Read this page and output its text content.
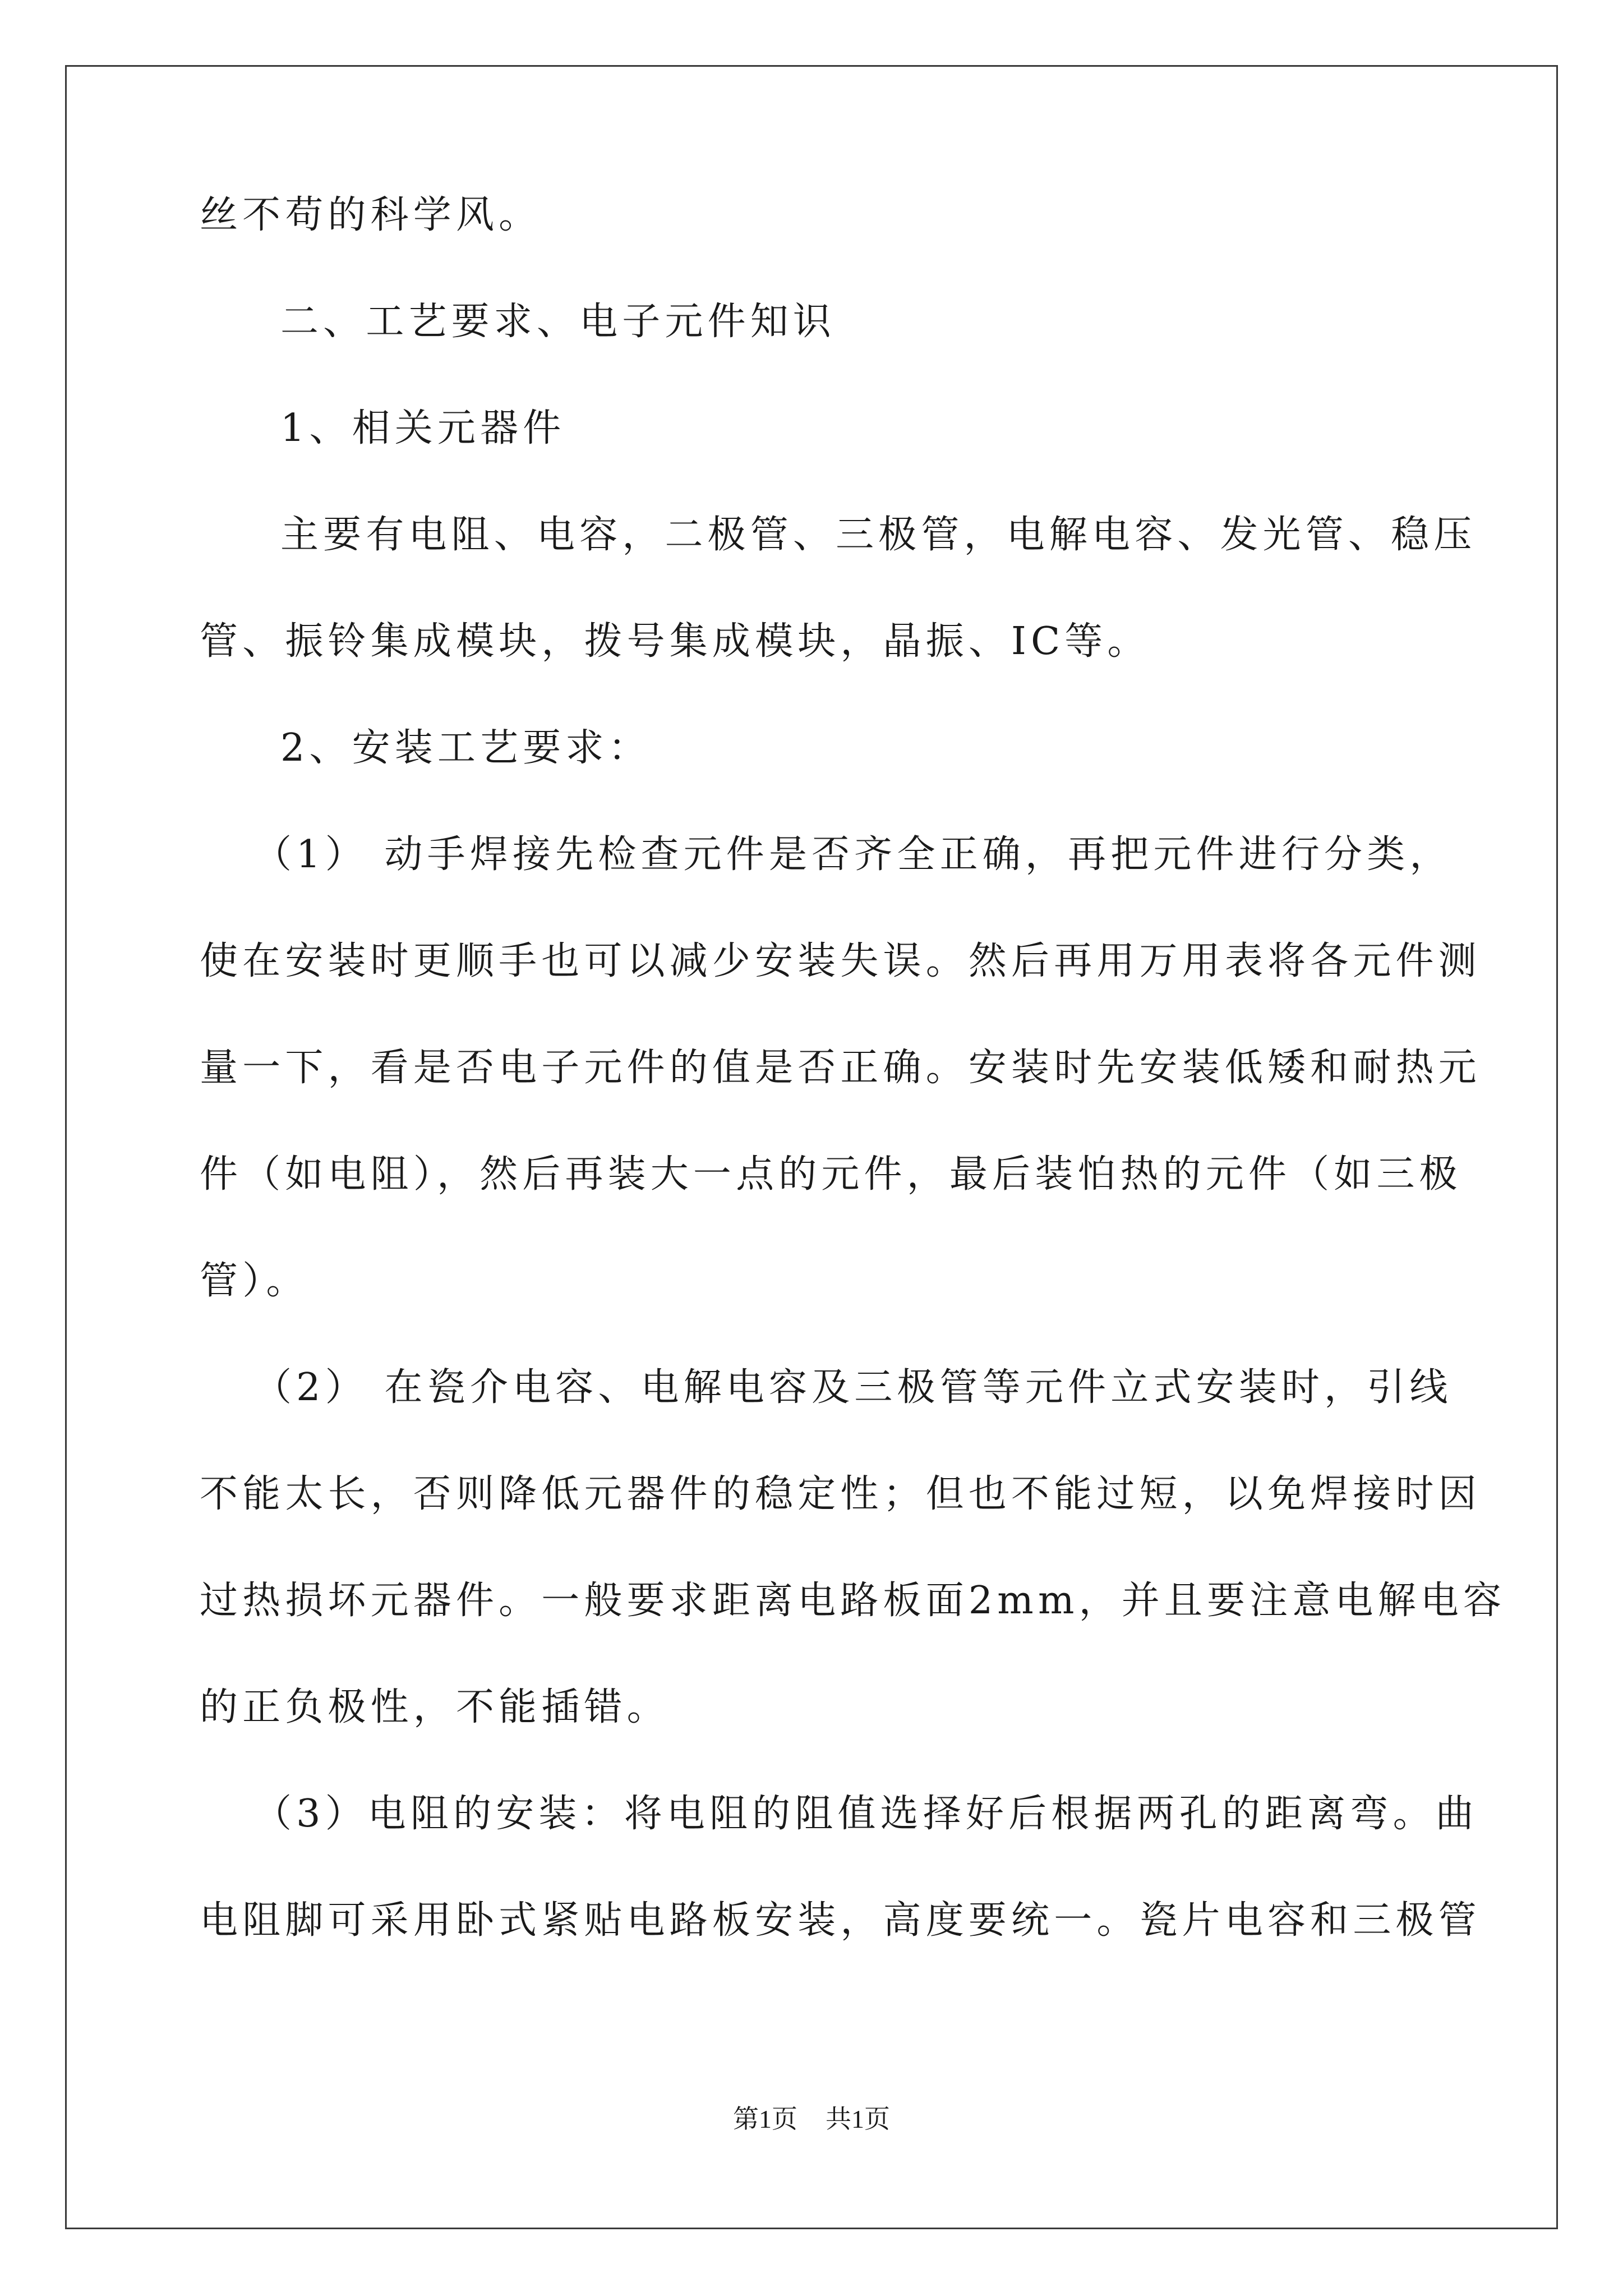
丝不苟的科学风。
二、工艺要求、电子元件知识
1、相关元器件
主要有电阻、电容，二极管、三极管，电解电容、发光管、稳压
管、振铃集成模块，拨号集成模块，晶振、IC等。
2、安装工艺要求：
（1） 动手焊接先检查元件是否齐全正确，再把元件进行分类，
使在安装时更顺手也可以减少安装失误。然后再用万用表将各元件测
量一下，看是否电子元件的值是否正确。安装时先安装低矮和耐热元
件（如电阻），然后再装大一点的元件，最后装怕热的元件（如三极
管）。
（2） 在瓷介电容、电解电容及三极管等元件立式安装时，引线
不能太长，否则降低元器件的稳定性；但也不能过短，以免焊接时因
过热损坏元器件。一般要求距离电路板面2mm，并且要注意电解电容
的正负极性，不能插错。
（3）电阻的安装：将电阻的阻值选择好后根据两孔的距离弯。曲
电阻脚可采用卧式紧贴电路板安装，高度要统一。瓷片电容和三极管
第1页 共1页
